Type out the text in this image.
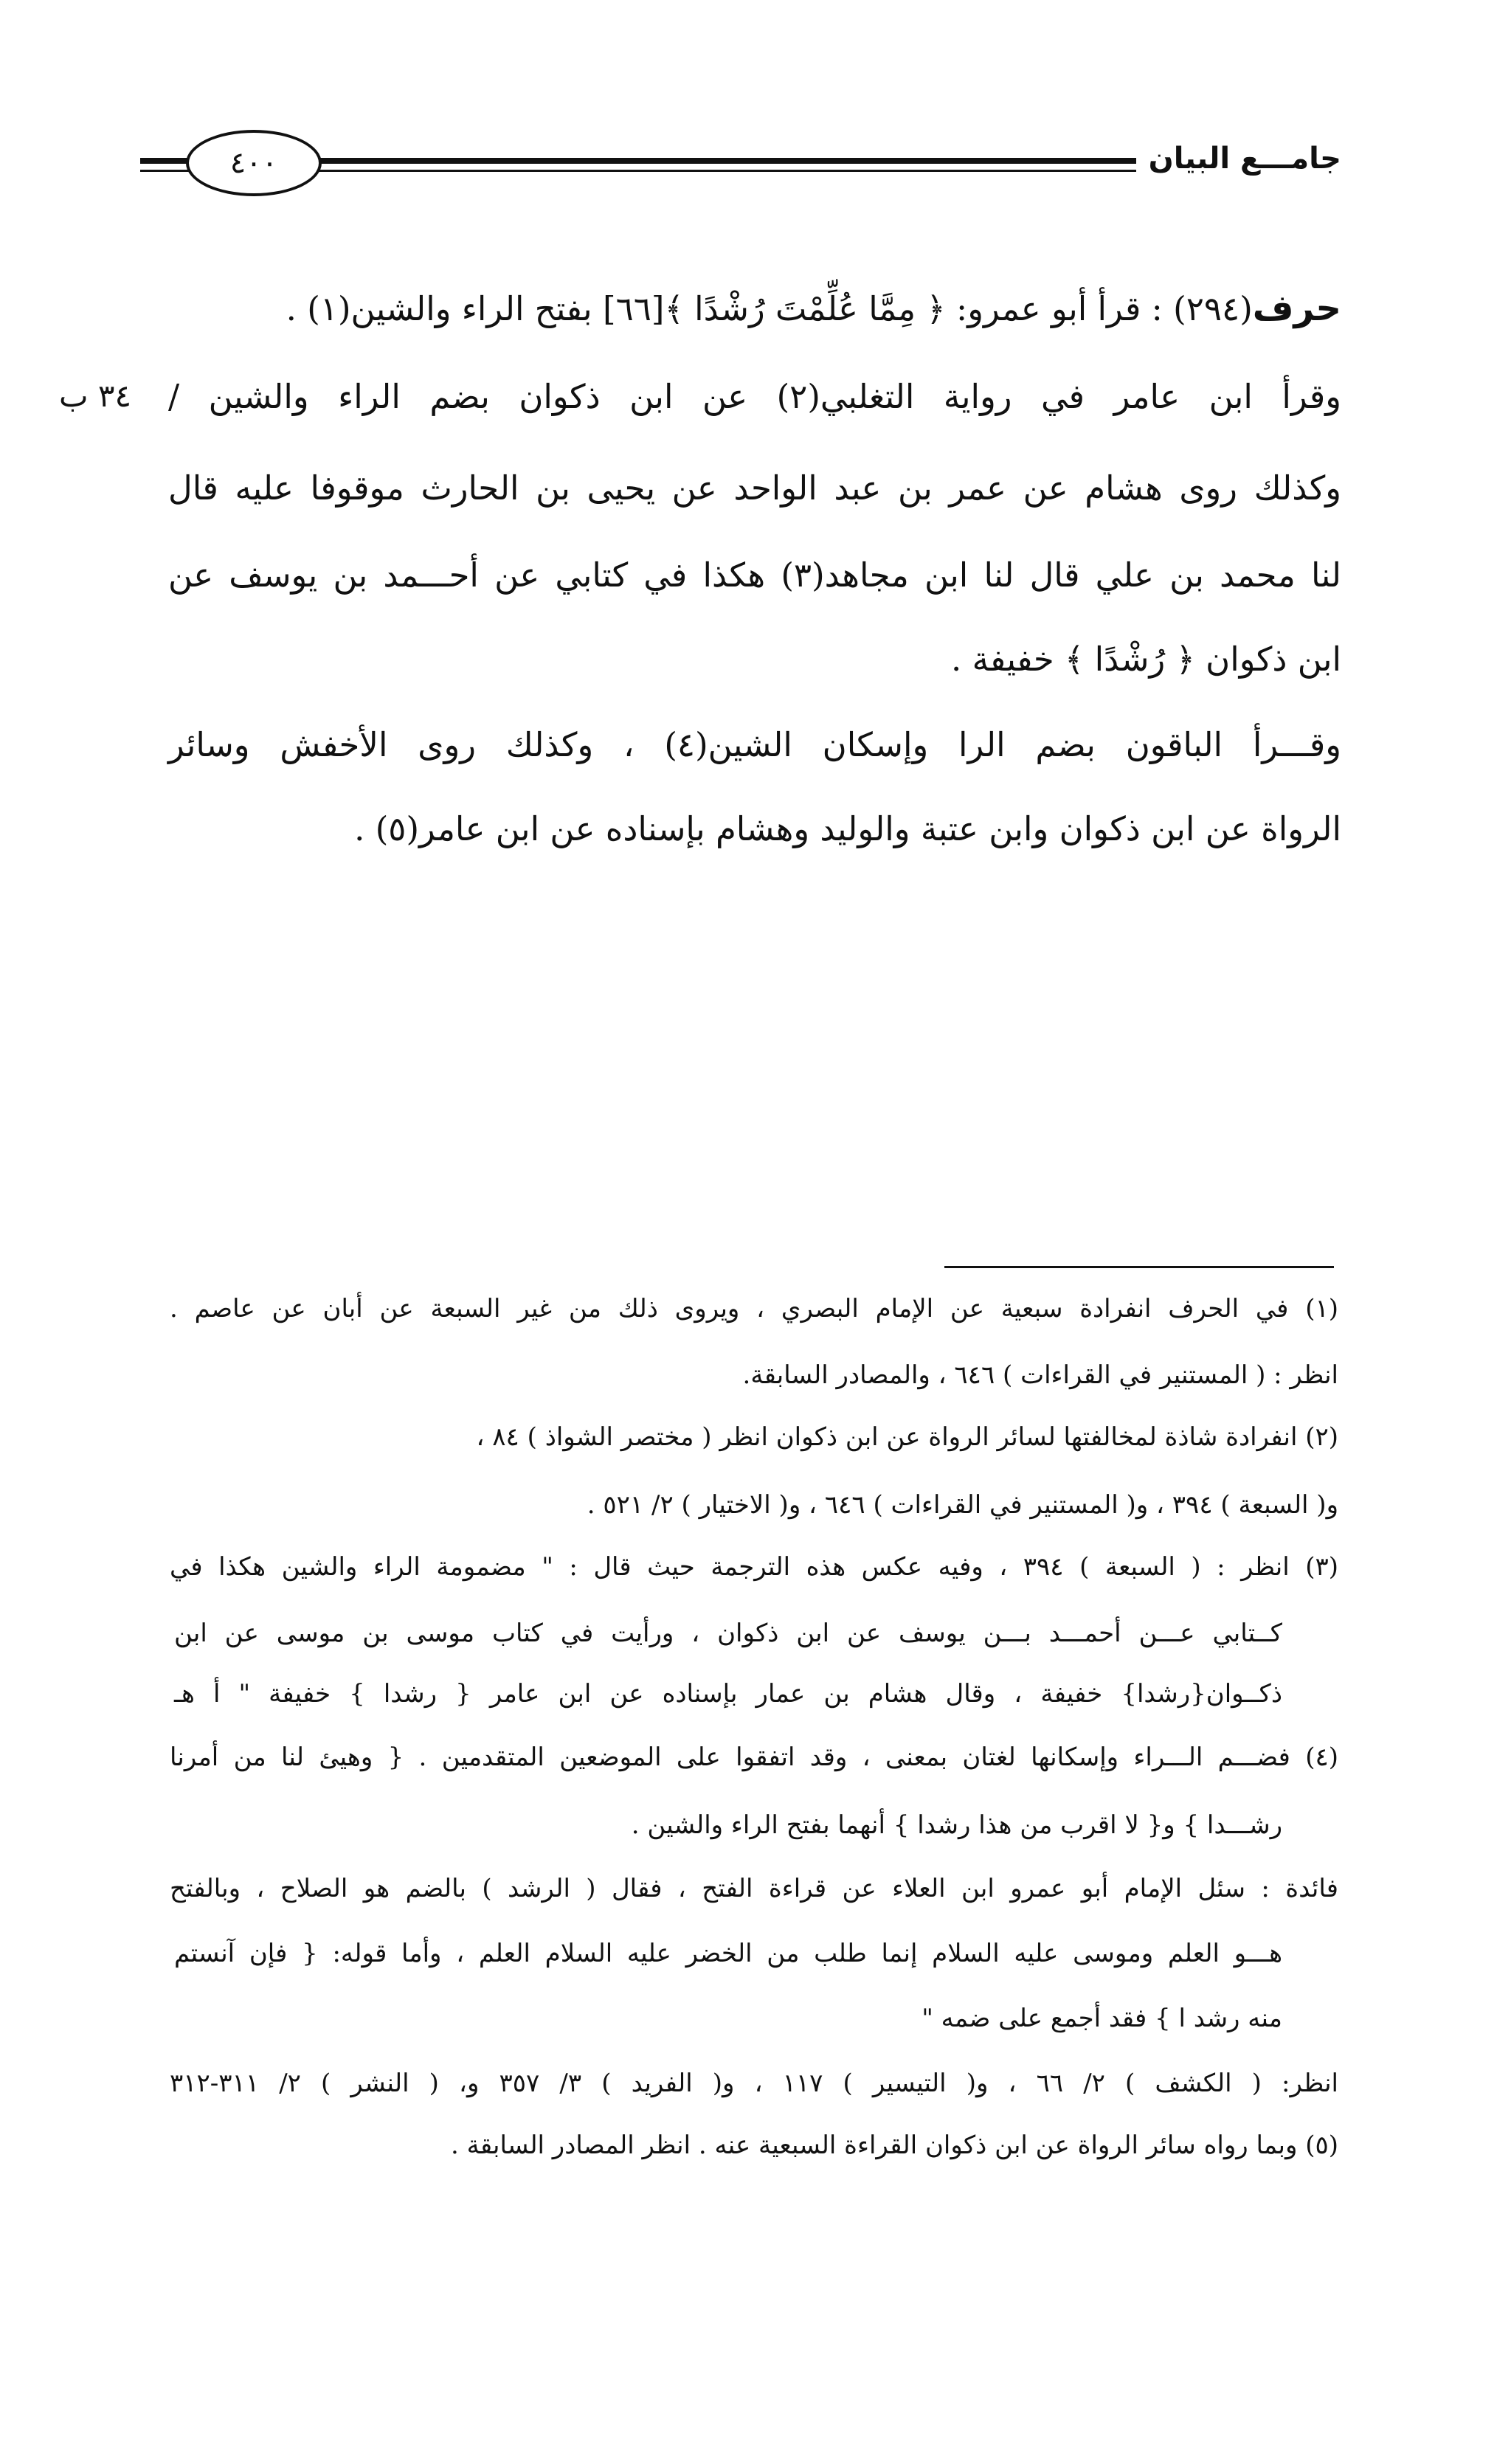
جامـــع البيان
٤٠٠
٣٤ ب
حرف(٢٩٤) : قرأ أبو عمرو: ﴿ مِمَّا عُلِّمْتَ رُشْدًا ﴾[٦٦] بفتح الراء والشين(١) .
وقرأ ابن عامر في رواية التغلبي(٢) عن ابن ذكوان بضم الراء والشين /
وكذلك روى هشام عن عمر بن عبد الواحد عن يحيى بن الحارث موقوفا عليه قال
لنا محمد بن علي قال لنا ابن مجاهد(٣) هكذا في كتابي عن أحـــمد بن يوسف عن
ابن ذكوان ﴿ رُشْدًا ﴾ خفيفة .
وقـــرأ الباقون بضم الرا وإسكان الشين(٤) ، وكذلك روى الأخفش وسائر
الرواة عن ابن ذكوان وابن عتبة والوليد وهشام بإسناده عن ابن عامر(٥) .
(١) في الحرف انفرادة سبعية عن الإمام البصري ، ويروى ذلك من غير السبعة عن أبان عن عاصم .
انظر : ( المستنير في القراءات ) ٦٤٦ ، والمصادر السابقة.
(٢) انفرادة شاذة لمخالفتها لسائر الرواة عن ابن ذكوان انظر ( مختصر الشواذ ) ٨٤ ،
و( السبعة ) ٣٩٤ ، و( المستنير في القراءات ) ٦٤٦ ، و( الاختيار ) ٢/ ٥٢١ .
(٣) انظر : ( السبعة ) ٣٩٤ ، وفيه عكس هذه الترجمة حيث قال : " مضمومة الراء والشين هكذا في
كــتابي عـــن أحمـــد بـــن يوسف عن ابن ذكوان ، ورأيت في كتاب موسى بن موسى عن ابن
ذكــوان{رشدا} خفيفة ، وقال هشام بن عمار بإسناده عن ابن عامر { رشدا } خفيفة " أ هـ
(٤) فضـــم الـــراء وإسكانها لغتان بمعنى ، وقد اتفقوا على الموضعين المتقدمين . { وهيئ لنا من أمرنا
رشـــدا } و{ لا اقرب من هذا رشدا } أنهما بفتح الراء والشين .
فائدة : سئل الإمام أبو عمرو ابن العلاء عن قراءة الفتح ، فقال ( الرشد ) بالضم هو الصلاح ، وبالفتح
هـــو العلم وموسى عليه السلام إنما طلب من الخضر عليه السلام العلم ، وأما قوله: { فإن آنستم
منه رشد ا } فقد أجمع على ضمه "
انظر: ( الكشف ) ٢/ ٦٦ ، و( التيسير ) ١١٧ ، و( الفريد ) ٣/ ٣٥٧ و، ( النشر ) ٢/ ٣١١-٣١٢
(٥) وبما رواه سائر الرواة عن ابن ذكوان القراءة السبعية عنه . انظر المصادر السابقة .
